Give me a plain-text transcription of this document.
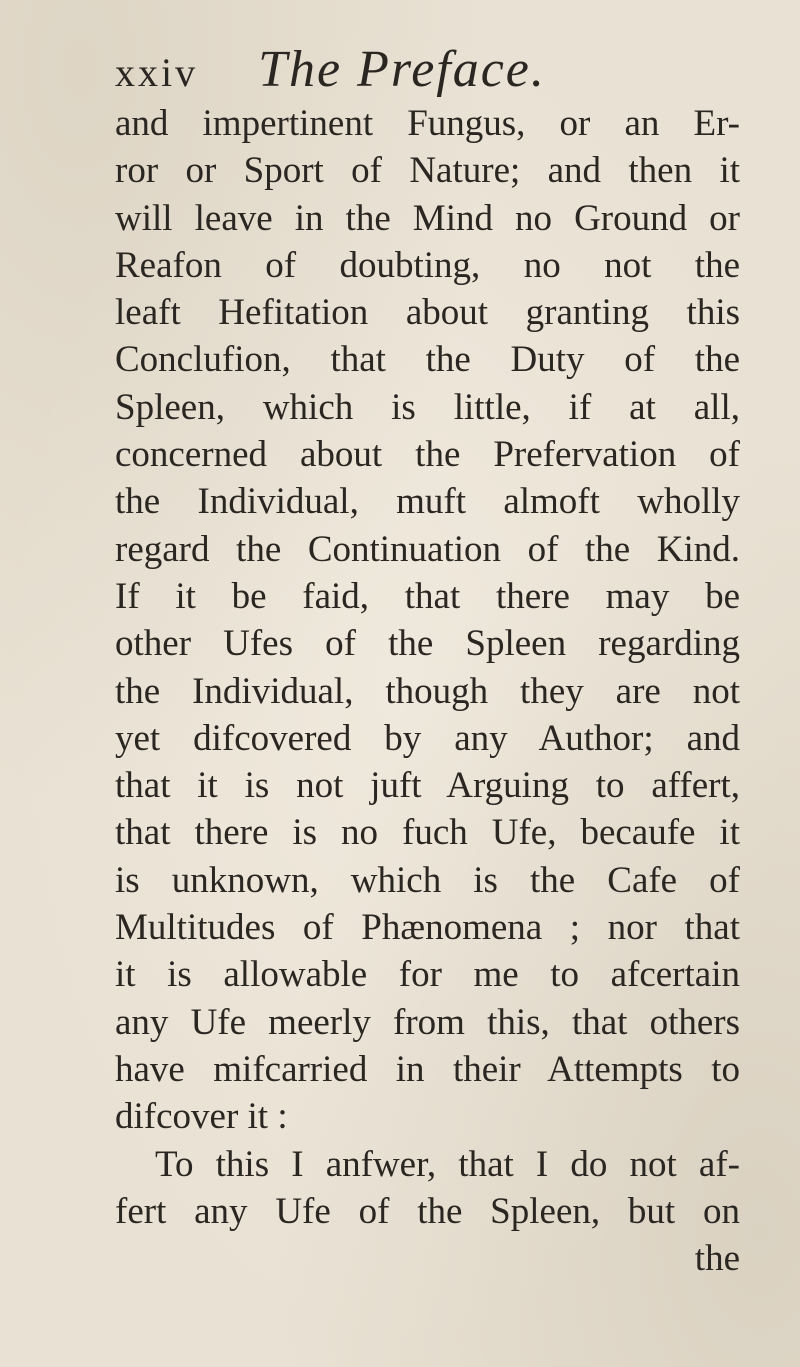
xxiv The Preface.
and impertinent Fungus, or an Er-
ror or Sport of Nature; and then it
will leave in the Mind no Ground or
Reafon of doubting, no not the
leaft Hefitation about granting this
Conclufion, that the Duty of the
Spleen, which is little, if at all,
concerned about the Prefervation of
the Individual, muft almoft wholly
regard the Continuation of the Kind.
If it be faid, that there may be
other Ufes of the Spleen regarding
the Individual, though they are not
yet difcovered by any Author; and
that it is not juft Arguing to affert,
that there is no fuch Ufe, becaufe it
is unknown, which is the Cafe of
Multitudes of Phænomena ; nor that
it is allowable for me to afcertain
any Ufe meerly from this, that others
have mifcarried in their Attempts to
difcover it :
To this I anfwer, that I do not af-
fert any Ufe of the Spleen, but on
the
